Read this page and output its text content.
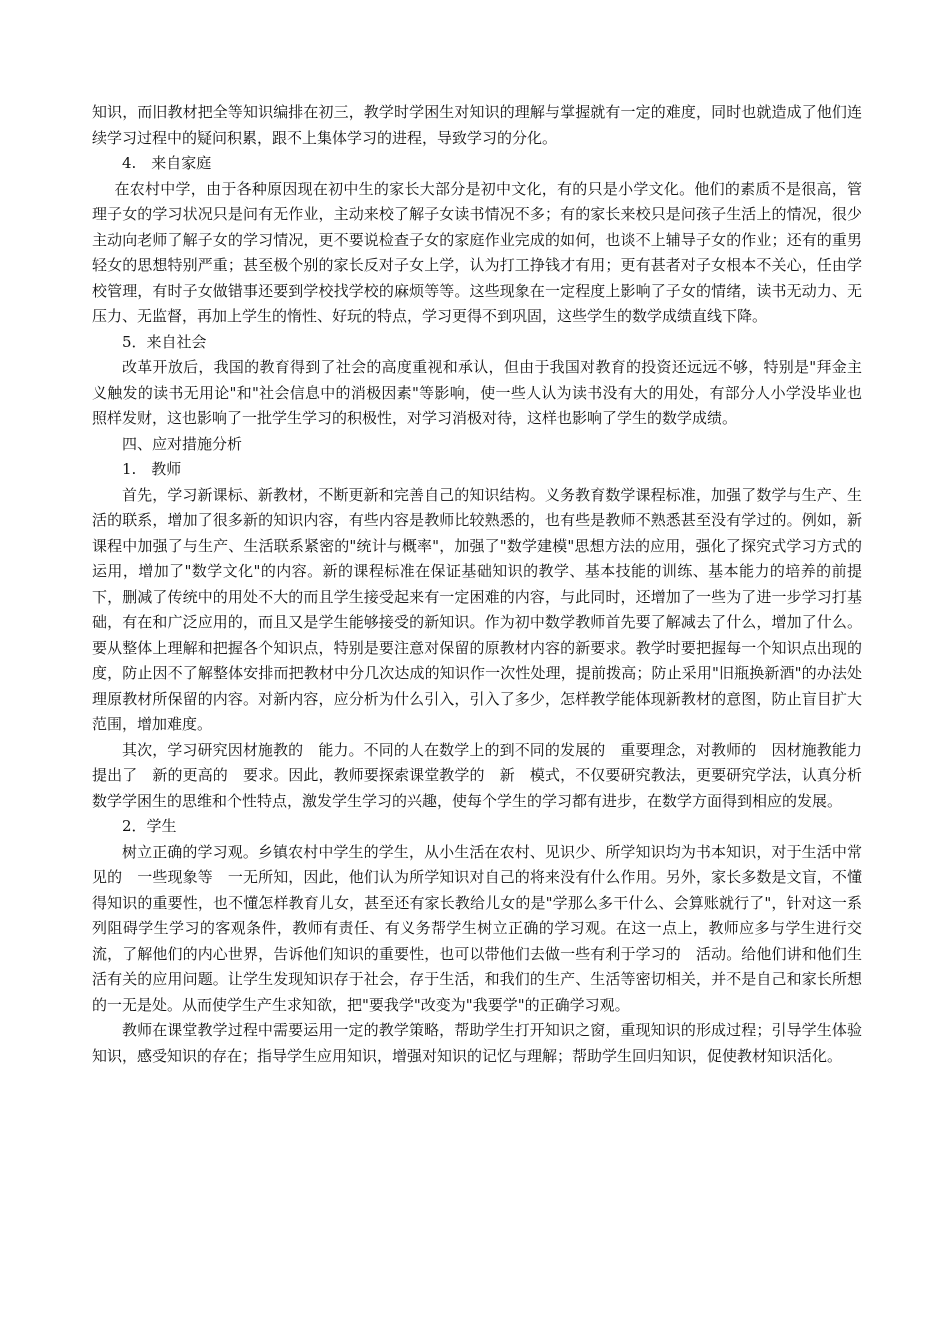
知识，而旧教材把全等知识编排在初三，教学时学困生对知识的理解与掌握就有一定的难度，同时也就造成了他们连续学习过程中的疑问积累，跟不上集体学习的进程，导致学习的分化。

4.　来自家庭

在农村中学，由于各种原因现在初中生的家长大部分是初中文化，有的只是小学文化。他们的素质不是很高，管理子女的学习状况只是问有无作业，主动来校了解子女读书情况不多；有的家长来校只是问孩子生活上的情况，很少主动向老师了解子女的学习情况，更不要说检查子女的家庭作业完成的如何，也谈不上辅导子女的作业；还有的重男轻女的思想特别严重；甚至极个别的家长反对子女上学，认为打工挣钱才有用；更有甚者对子女根本不关心，任由学校管理，有时子女做错事还要到学校找学校的麻烦等等。这些现象在一定程度上影响了子女的情绪，读书无动力、无压力、无监督，再加上学生的惰性、好玩的特点，学习更得不到巩固，这些学生的数学成绩直线下降。

5．来自社会

改革开放后，我国的教育得到了社会的高度重视和承认，但由于我国对教育的投资还远远不够，特别是"拜金主义触发的读书无用论"和"社会信息中的消极因素"等影响，使一些人认为读书没有大的用处，有部分人小学没毕业也照样发财，这也影响了一批学生学习的积极性，对学习消极对待，这样也影响了学生的数学成绩。

四、应对措施分析

1.　教师

首先，学习新课标、新教材，不断更新和完善自己的知识结构。义务教育数学课程标准，加强了数学与生产、生活的联系，增加了很多新的知识内容，有些内容是教师比较熟悉的，也有些是教师不熟悉甚至没有学过的。例如，新课程中加强了与生产、生活联系紧密的"统计与概率"，加强了"数学建模"思想方法的应用，强化了探究式学习方式的运用，增加了"数学文化"的内容。新的课程标准在保证基础知识的教学、基本技能的训练、基本能力的培养的前提下，删减了传统中的用处不大的而且学生接受起来有一定困难的内容，与此同时，还增加了一些为了进一步学习打基础，有在和广泛应用的，而且又是学生能够接受的新知识。作为初中数学教师首先要了解减去了什么，增加了什么。要从整体上理解和把握各个知识点，特别是要注意对保留的原教材内容的新要求。教学时要把握每一个知识点出现的度，防止因不了解整体安排而把教材中分几次达成的知识作一次性处理，提前拨高；防止采用"旧瓶换新酒"的办法处理原教材所保留的内容。对新内容，应分析为什么引入，引入了多少，怎样教学能体现新教材的意图，防止盲目扩大范围，增加难度。

其次，学习研究因材施教的　能力。不同的人在数学上的到不同的发展的　重要理念，对教师的　因材施教能力提出了　新的更高的　要求。因此，教师要探索课堂教学的　新　模式，不仅要研究教法，更要研究学法，认真分析数学学困生的思维和个性特点，激发学生学习的兴趣，使每个学生的学习都有进步，在数学方面得到相应的发展。

2．学生

树立正确的学习观。乡镇农村中学生的学生，从小生活在农村、见识少、所学知识均为书本知识，对于生活中常见的　一些现象等　一无所知，因此，他们认为所学知识对自己的将来没有什么作用。另外，家长多数是文盲，不懂得知识的重要性，也不懂怎样教育儿女，甚至还有家长教给儿女的是"学那么多干什么、会算账就行了"，针对这一系列阻碍学生学习的客观条件，教师有责任、有义务帮学生树立正确的学习观。在这一点上，教师应多与学生进行交流，了解他们的内心世界，告诉他们知识的重要性，也可以带他们去做一些有利于学习的　活动。给他们讲和他们生活有关的应用问题。让学生发现知识存于社会，存于生活，和我们的生产、生活等密切相关，并不是自己和家长所想的一无是处。从而使学生产生求知欲，把"要我学"改变为"我要学"的正确学习观。

教师在课堂教学过程中需要运用一定的教学策略，帮助学生打开知识之窗，重现知识的形成过程；引导学生体验知识，感受知识的存在；指导学生应用知识，增强对知识的记忆与理解；帮助学生回归知识，促使教材知识活化。
